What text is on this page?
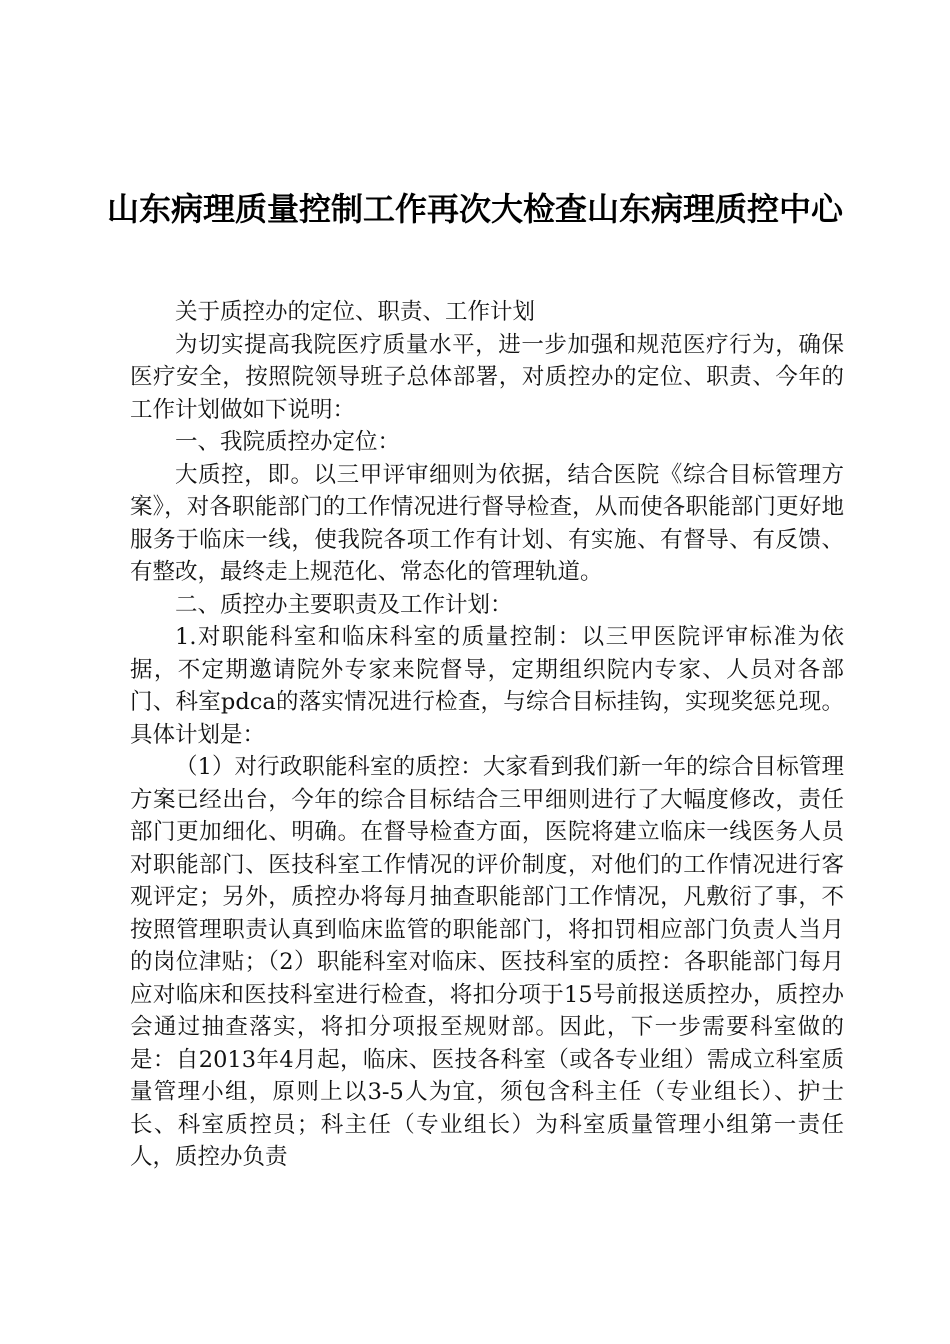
山东病理质量控制工作再次大检查山东病理质控中心

关于质控办的定位、职责、工作计划

为切实提高我院医疗质量水平，进一步加强和规范医疗行为，确保医疗安全，按照院领导班子总体部署，对质控办的定位、职责、今年的工作计划做如下说明：

一、我院质控办定位：

大质控，即。以三甲评审细则为依据，结合医院《综合目标管理方案》，对各职能部门的工作情况进行督导检查，从而使各职能部门更好地服务于临床一线，使我院各项工作有计划、有实施、有督导、有反馈、有整改，最终走上规范化、常态化的管理轨道。

二、质控办主要职责及工作计划：

1.对职能科室和临床科室的质量控制：以三甲医院评审标准为依据，不定期邀请院外专家来院督导，定期组织院内专家、人员对各部门、科室pdca的落实情况进行检查，与综合目标挂钩，实现奖惩兑现。具体计划是：

（1）对行政职能科室的质控：大家看到我们新一年的综合目标管理方案已经出台，今年的综合目标结合三甲细则进行了大幅度修改，责任部门更加细化、明确。在督导检查方面，医院将建立临床一线医务人员对职能部门、医技科室工作情况的评价制度，对他们的工作情况进行客观评定；另外，质控办将每月抽查职能部门工作情况，凡敷衍了事，不按照管理职责认真到临床监管的职能部门，将扣罚相应部门负责人当月的岗位津贴；（2）职能科室对临床、医技科室的质控：各职能部门每月应对临床和医技科室进行检查，将扣分项于15号前报送质控办，质控办会通过抽查落实，将扣分项报至规财部。因此，下一步需要科室做的是：自2013年4月起，临床、医技各科室（或各专业组）需成立科室质量管理小组，原则上以3-5人为宜，须包含科主任（专业组长）、护士长、科室质控员；科主任（专业组长）为科室质量管理小组第一责任人，质控办负责
